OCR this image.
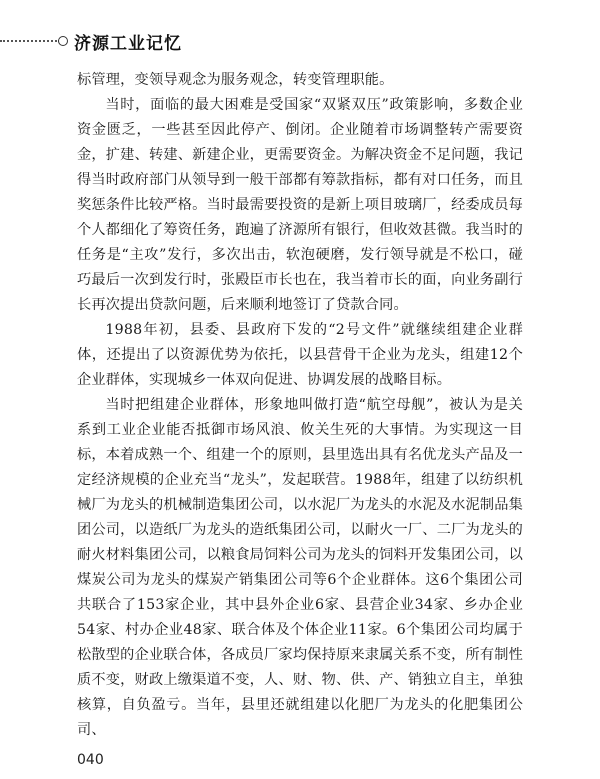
济源工业记忆

标管理，变领导观念为服务观念，转变管理职能。

当时，面临的最大困难是受国家“双紧双压”政策影响，多数企业资金匮乏，一些甚至因此停产、倒闭。企业随着市场调整转产需要资金，扩建、转建、新建企业，更需要资金。为解决资金不足问题，我记得当时政府部门从领导到一般干部都有筹款指标，都有对口任务，而且奖惩条件比较严格。当时最需要投资的是新上项目玻璃厂，经委成员每个人都细化了筹资任务，跑遍了济源所有银行，但收效甚微。我当时的任务是“主攻”发行，多次出击，软泡硬磨，发行领导就是不松口，碰巧最后一次到发行时，张殿臣市长也在，我当着市长的面，向业务副行长再次提出贷款问题，后来顺利地签订了贷款合同。

1988年初，县委、县政府下发的“2号文件”就继续组建企业群体，还提出了以资源优势为依托，以县营骨干企业为龙头，组建12个企业群体，实现城乡一体双向促进、协调发展的战略目标。

当时把组建企业群体，形象地叫做打造“航空母舰”，被认为是关系到工业企业能否抵御市场风浪、攸关生死的大事情。为实现这一目标，本着成熟一个、组建一个的原则，县里选出具有名优龙头产品及一定经济规模的企业充当“龙头”，发起联营。1988年，组建了以纺织机械厂为龙头的机械制造集团公司，以水泥厂为龙头的水泥及水泥制品集团公司，以造纸厂为龙头的造纸集团公司，以耐火一厂、二厂为龙头的耐火材料集团公司，以粮食局饲料公司为龙头的饲料开发集团公司，以煤炭公司为龙头的煤炭产销集团公司等6个企业群体。这6个集团公司共联合了153家企业，其中县外企业6家、县营企业34家、乡办企业54家、村办企业48家、联合体及个体企业11家。6个集团公司均属于松散型的企业联合体，各成员厂家均保持原来隶属关系不变，所有制性质不变，财政上缴渠道不变，人、财、物、供、产、销独立自主，单独核算，自负盈亏。当年，县里还就组建以化肥厂为龙头的化肥集团公司、

040
